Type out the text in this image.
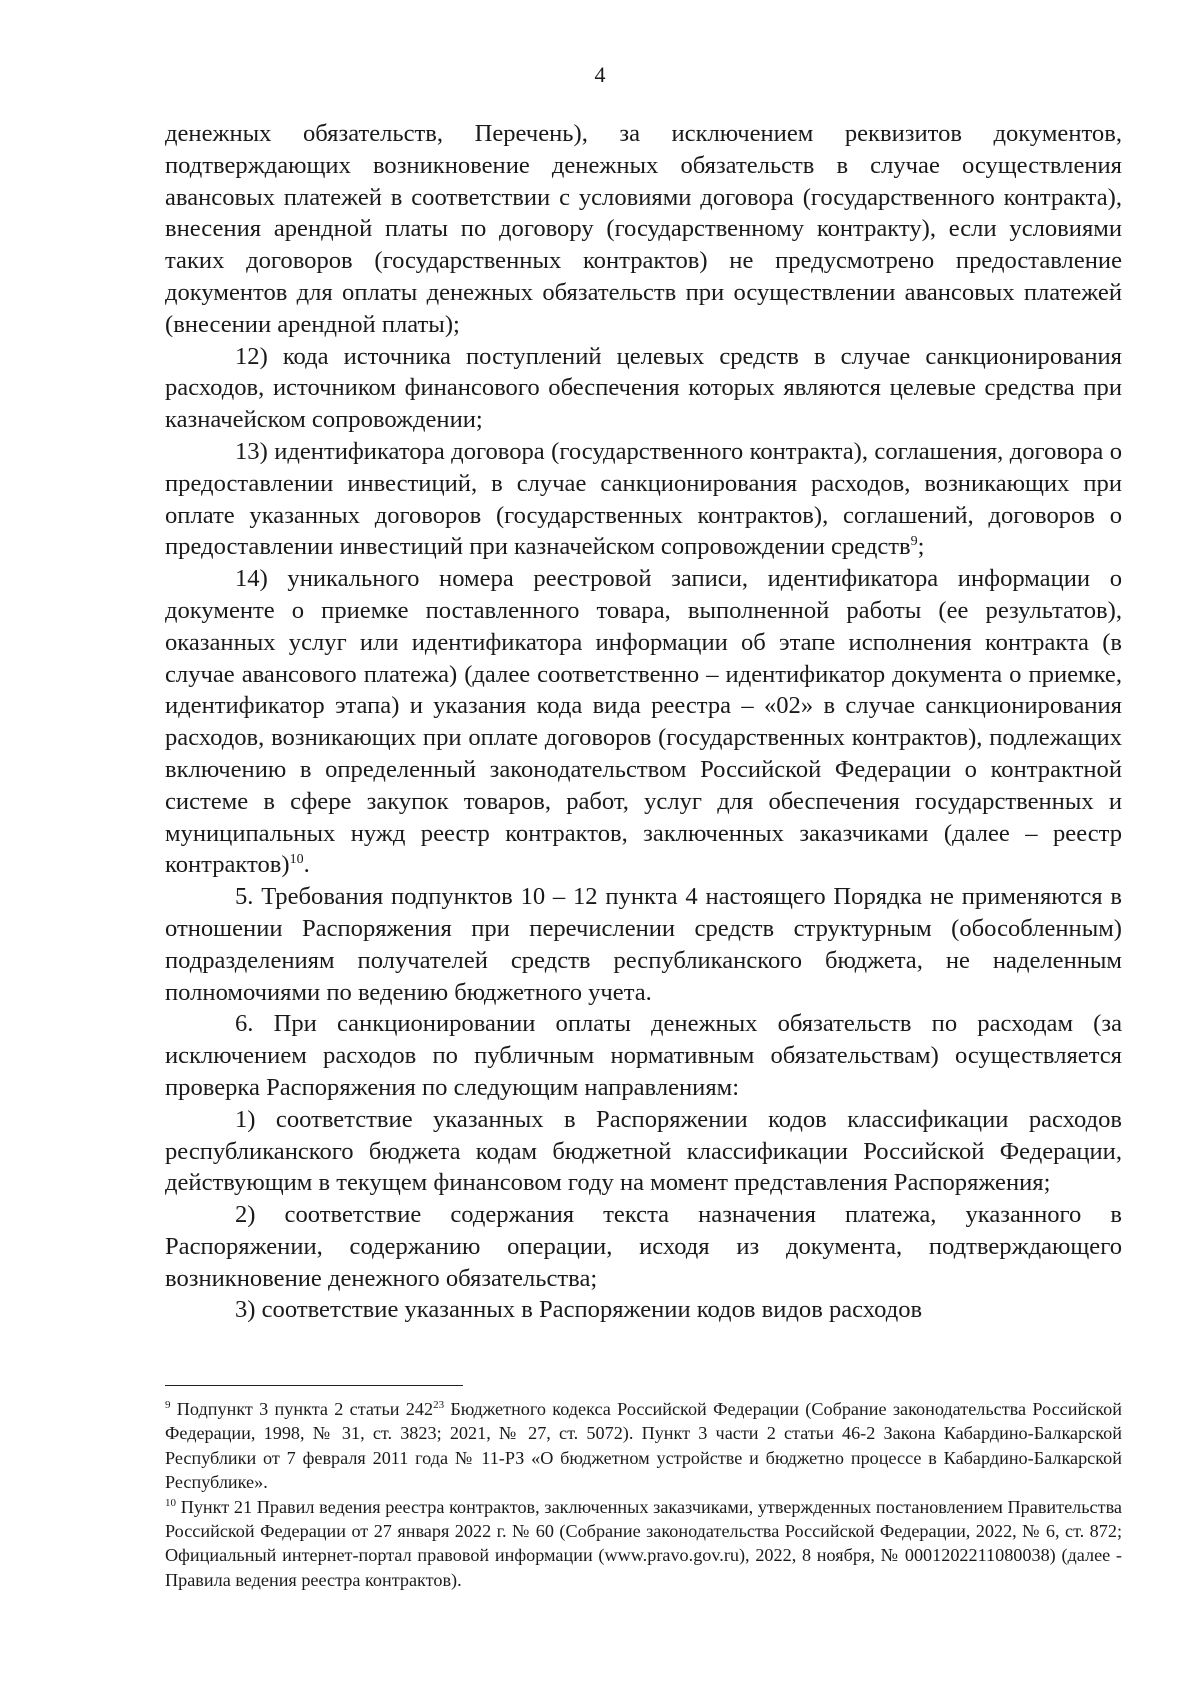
4

денежных обязательств, Перечень), за исключением реквизитов документов, подтверждающих возникновение денежных обязательств в случае осуществления авансовых платежей в соответствии с условиями договора (государственного контракта), внесения арендной платы по договору (государственному контракту), если условиями таких договоров (государственных контрактов) не предусмотрено предоставление документов для оплаты денежных обязательств при осуществлении авансовых платежей (внесении арендной платы);

12) кода источника поступлений целевых средств в случае санкционирования расходов, источником финансового обеспечения которых являются целевые средства при казначейском сопровождении;

13) идентификатора договора (государственного контракта), соглашения, договора о предоставлении инвестиций, в случае санкционирования расходов, возникающих при оплате указанных договоров (государственных контрактов), соглашений, договоров о предоставлении инвестиций при казначейском сопровождении средств$^9$;

14) уникального номера реестровой записи, идентификатора информации о документе о приемке поставленного товара, выполненной работы (ее результатов), оказанных услуг или идентификатора информации об этапе исполнения контракта (в случае авансового платежа) (далее соответственно – идентификатор документа о приемке, идентификатор этапа) и указания кода вида реестра – «02» в случае санкционирования расходов, возникающих при оплате договоров (государственных контрактов), подлежащих включению в определенный законодательством Российской Федерации о контрактной системе в сфере закупок товаров, работ, услуг для обеспечения государственных и муниципальных нужд реестр контрактов, заключенных заказчиками (далее – реестр контрактов)$^{10}$.

5. Требования подпунктов 10 – 12 пункта 4 настоящего Порядка не применяются в отношении Распоряжения при перечислении средств структурным (обособленным) подразделениям получателей средств республиканского бюджета, не наделенным полномочиями по ведению бюджетного учета.

6. При санкционировании оплаты денежных обязательств по расходам (за исключением расходов по публичным нормативным обязательствам) осуществляется проверка Распоряжения по следующим направлениям:

1) соответствие указанных в Распоряжении кодов классификации расходов республиканского бюджета кодам бюджетной классификации Российской Федерации, действующим в текущем финансовом году на момент представления Распоряжения;

2) соответствие содержания текста назначения платежа, указанного в Распоряжении, содержанию операции, исходя из документа, подтверждающего возникновение денежного обязательства;

3) соответствие указанных в Распоряжении кодов видов расходов

$^9$ Подпункт 3 пункта 2 статьи $242^{23}$ Бюджетного кодекса Российской Федерации (Собрание законодательства Российской Федерации, 1998, № 31, ст. 3823; 2021, № 27, ст. 5072). Пункт 3 части 2 статьи 46-2 Закона Кабардино-Балкарской Республики от 7 февраля 2011 года № 11-РЗ «О бюджетном устройстве и бюджетно процессе в Кабардино-Балкарской Республике».

$^{10}$ Пункт 21 Правил ведения реестра контрактов, заключенных заказчиками, утвержденных постановлением Правительства Российской Федерации от 27 января 2022 г. № 60 (Собрание законодательства Российской Федерации, 2022, № 6, ст. 872; Официальный интернет-портал правовой информации (www.pravo.gov.ru), 2022, 8 ноября, № 0001202211080038) (далее - Правила ведения реестра контрактов).
